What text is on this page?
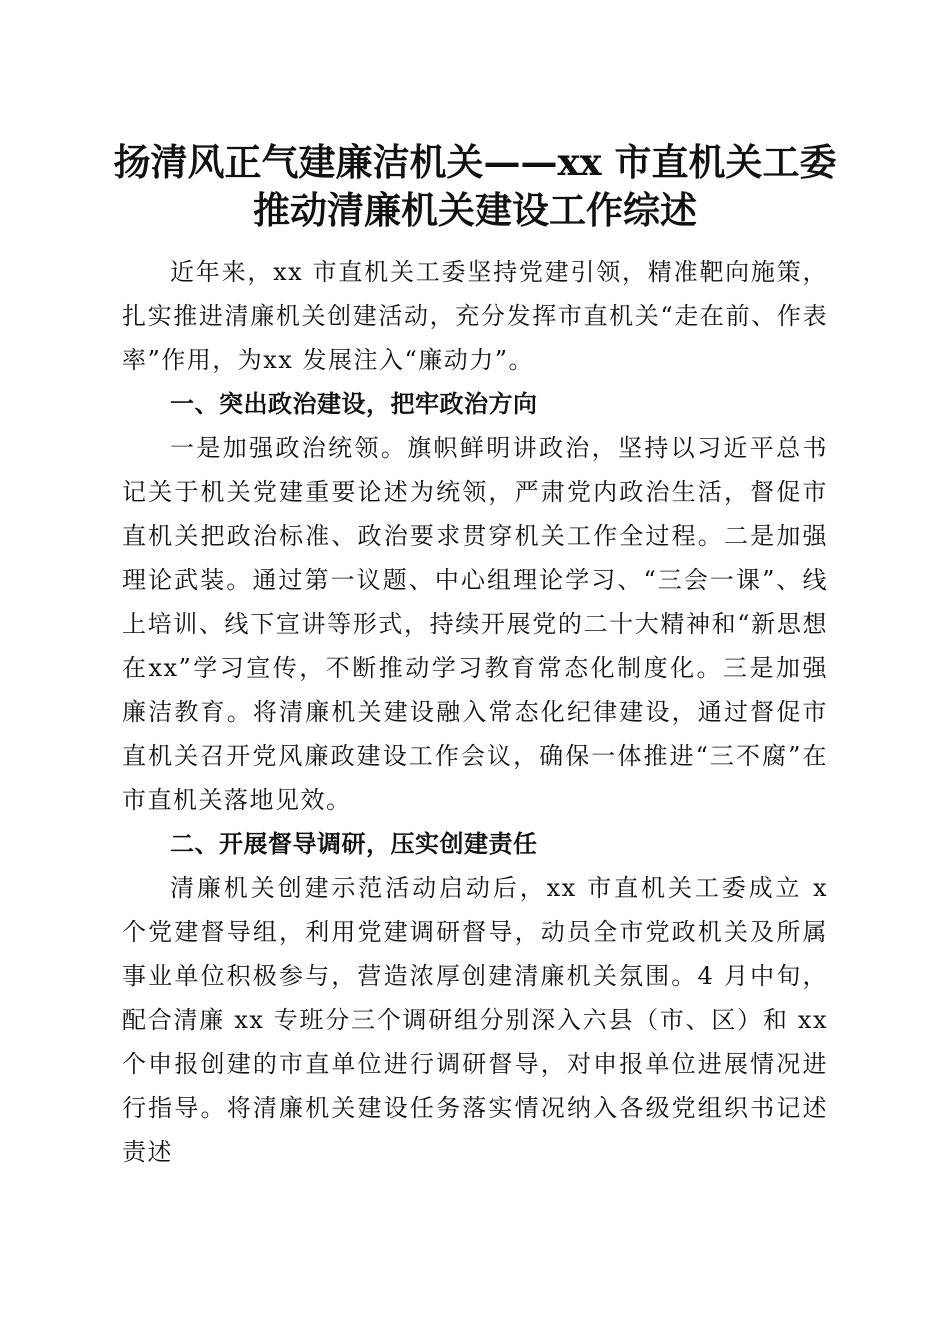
扬清风正气建廉洁机关——xx 市直机关工委
推动清廉机关建设工作综述

近年来，xx 市直机关工委坚持党建引领，精准靶向施策，扎实推进清廉机关创建活动，充分发挥市直机关“走在前、作表率”作用，为xx 发展注入“廉动力”。

一、突出政治建设，把牢政治方向

一是加强政治统领。旗帜鲜明讲政治，坚持以习近平总书记关于机关党建重要论述为统领，严肃党内政治生活，督促市直机关把政治标准、政治要求贯穿机关工作全过程。二是加强理论武装。通过第一议题、中心组理论学习、“三会一课”、线上培训、线下宣讲等形式，持续开展党的二十大精神和“新思想在xx”学习宣传，不断推动学习教育常态化制度化。三是加强廉洁教育。将清廉机关建设融入常态化纪律建设，通过督促市直机关召开党风廉政建设工作会议，确保一体推进“三不腐”在市直机关落地见效。

二、开展督导调研，压实创建责任

清廉机关创建示范活动启动后，xx 市直机关工委成立 x 个党建督导组，利用党建调研督导，动员全市党政机关及所属事业单位积极参与，营造浓厚创建清廉机关氛围。4 月中旬，配合清廉 xx 专班分三个调研组分别深入六县（市、区）和 xx 个申报创建的市直单位进行调研督导，对申报单位进展情况进行指导。将清廉机关建设任务落实情况纳入各级党组织书记述责述
